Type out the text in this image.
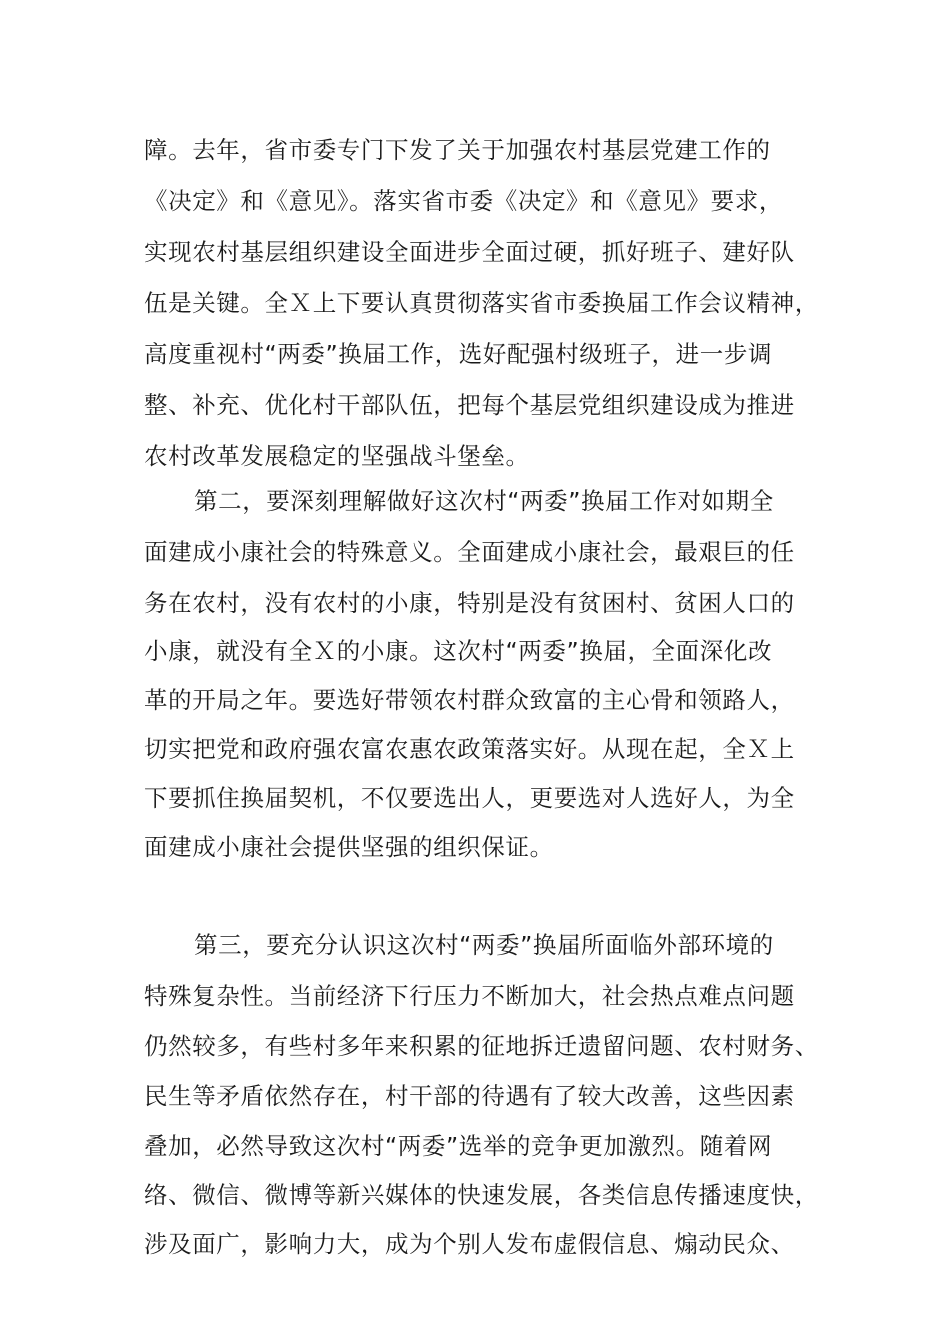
障。去年，省市委专门下发了关于加强农村基层党建工作的
《决定》和《意见》。落实省市委《决定》和《意见》要求，
实现农村基层组织建设全面进步全面过硬，抓好班子、建好队
伍是关键。全Ｘ上下要认真贯彻落实省市委换届工作会议精神，
高度重视村“两委”换届工作，选好配强村级班子，进一步调
整、补充、优化村干部队伍，把每个基层党组织建设成为推进
农村改革发展稳定的坚强战斗堡垒。
第二，要深刻理解做好这次村“两委”换届工作对如期全
面建成小康社会的特殊意义。全面建成小康社会，最艰巨的任
务在农村，没有农村的小康，特别是没有贫困村、贫困人口的
小康，就没有全Ｘ的小康。这次村“两委”换届，全面深化改
革的开局之年。要选好带领农村群众致富的主心骨和领路人，
切实把党和政府强农富农惠农政策落实好。从现在起，全Ｘ上
下要抓住换届契机，不仅要选出人，更要选对人选好人，为全
面建成小康社会提供坚强的组织保证。
第三，要充分认识这次村“两委”换届所面临外部环境的
特殊复杂性。当前经济下行压力不断加大，社会热点难点问题
仍然较多，有些村多年来积累的征地拆迁遗留问题、农村财务、
民生等矛盾依然存在，村干部的待遇有了较大改善，这些因素
叠加，必然导致这次村“两委”选举的竞争更加激烈。随着网
络、微信、微博等新兴媒体的快速发展，各类信息传播速度快，
涉及面广，影响力大，成为个别人发布虚假信息、煽动民众、
